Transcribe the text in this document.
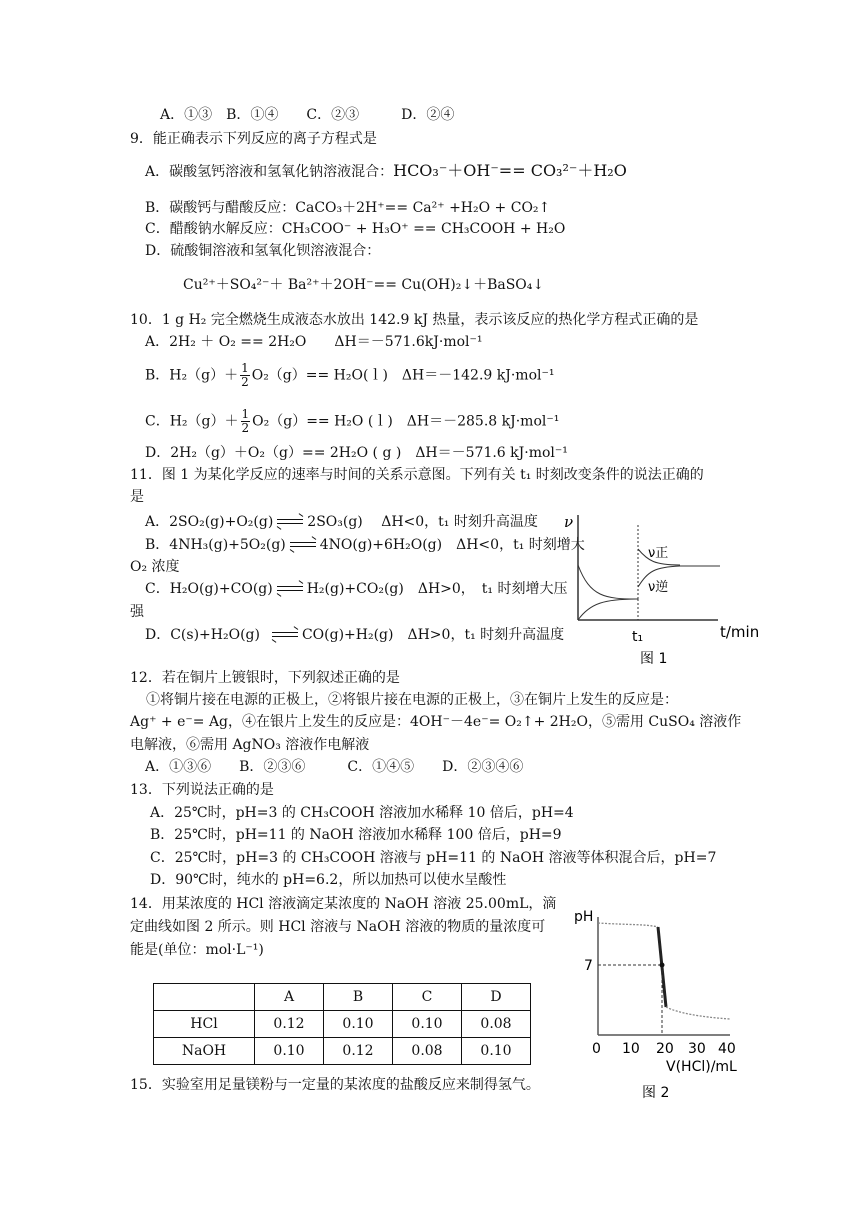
A．①③　B．①④　　C．②③　　　D．②④
9．能正确表示下列反应的离子方程式是
A．碳酸氢钙溶液和氢氧化钠溶液混合：HCO₃⁻＋OH⁻== CO₃²⁻＋H₂O
B．碳酸钙与醋酸反应：CaCO₃＋2H⁺== Ca²⁺ +H₂O + CO₂↑
C．醋酸钠水解反应：CH₃COO⁻ + H₃O⁺ == CH₃COOH + H₂O
D．硫酸铜溶液和氢氧化钡溶液混合：
Cu²⁺＋SO₄²⁻＋ Ba²⁺＋2OH⁻== Cu(OH)₂↓＋BaSO₄↓
10．1 g H₂ 完全燃烧生成液态水放出 142.9 kJ 热量，表示该反应的热化学方程式正确的是
A．2H₂ ＋ O₂ == 2H₂O　　ΔH＝－571.6kJ·mol⁻¹
B．$H_2(g)+ \frac{1}{2} O_2(g)==$ H₂O(ｌ)　ΔH＝－142.9 kJ·mol⁻¹
C．$H_2(g)+ \frac{1}{2} O_2(g)== H_2O$ (ｌ)　ΔH＝－285.8 kJ·mol⁻¹
D．2H₂（g）＋O₂（g）== 2H₂O ( g )　ΔH＝－571.6 kJ·mol⁻¹
11．图 1 为某化学反应的速率与时间的关系示意图。下列有关 t₁ 时刻改变条件的说法正确的
是
A．2SO₂(g)+O₂(g) 2SO₃(g)　 ΔH<0，t₁ 时刻升高温度
B．4NH₃(g)+5O₂(g) 4NO(g)+6H₂O(g)　ΔH<0，t₁ 时刻增大
O₂ 浓度
C．H₂O(g)+CO(g) H₂(g)+CO₂(g)　ΔH>0，　t₁ 时刻增大压
强
D．C(s)+H₂O(g)	CO(g)+H₂(g)　ΔH>0，t₁ 时刻升高温度
ν
ν正
ν逆
t₁	t/min
图 1
12．若在铜片上镀银时，下列叙述正确的是
①将铜片接在电源的正极上，②将银片接在电源的正极上，③在铜片上发生的反应是：
Ag⁺ + e⁻= Ag，④在银片上发生的反应是：4OH⁻－4e⁻= O₂↑+ 2H₂O，⑤需用 CuSO₄ 溶液作
电解液，⑥需用 AgNO₃ 溶液作电解液
A．①③⑥　　B．②③⑥　　　C．①④⑤　　D．②③④⑥
13．下列说法正确的是
A．25℃时，pH=3 的 CH₃COOH 溶液加水稀释 10 倍后，pH=4
B．25℃时，pH=11 的 NaOH 溶液加水稀释 100 倍后，pH=9
C．25℃时，pH=3 的 CH₃COOH 溶液与 pH=11 的 NaOH 溶液等体积混合后，pH=7
D．90℃时，纯水的 pH=6.2，所以加热可以使水呈酸性
14．用某浓度的 HCl 溶液滴定某浓度的 NaOH 溶液 25.00mL，滴
定曲线如图 2 所示。则 HCl 溶液与 NaOH 溶液的物质的量浓度可
能是(单位：mol·L⁻¹)
	A	B	C	D
HCl	0.12	0.10	0.10	0.08
NaOH	0.10	0.12	0.08	0.10
pH
7
0 10 20 30 40
V(HCl)/mL
图 2
15．实验室用足量镁粉与一定量的某浓度的盐酸反应来制得氢气。
